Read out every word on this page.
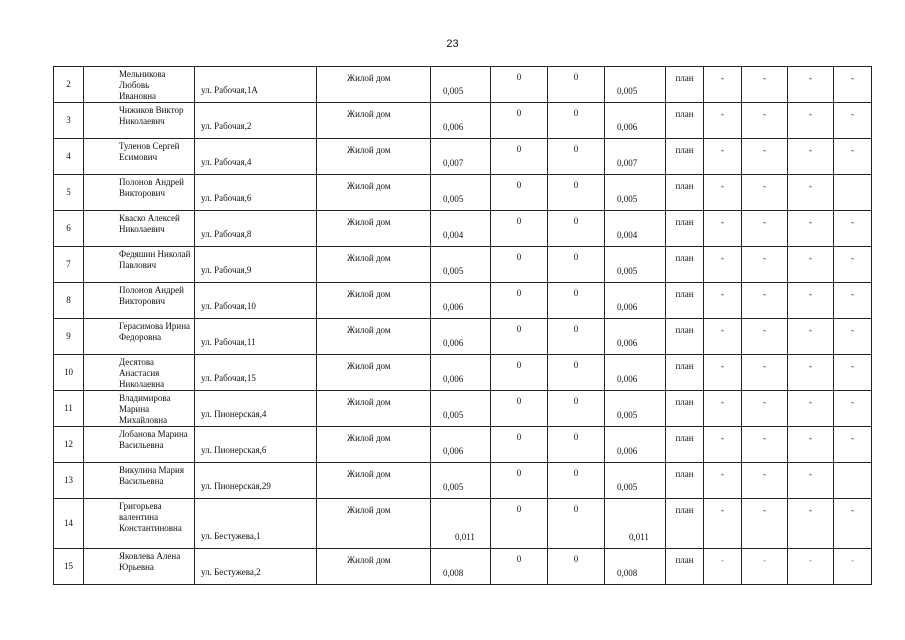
23
2	Мельникова Любовь
Ивановна	ул. Рабочая,1А	Жилой дом	0,005	0	0	0,005	план	-	-	-	-

3	Чижиков Виктор
Николаевич	ул. Рабочая,2	Жилой дом	0,006	0	0	0,006	план	-	-	-	-

4	Туленов Сергей
Есимович	ул. Рабочая,4	Жилой дом	0,007	0	0	0,007	план	-	-	-	-

5	Полонов Андрей
Викторович	ул. Рабочая,6	Жилой дом	0,005	0	0	0,005	план	-	-	-	

6	Кваско Алексей
Николаевич	ул. Рабочая,8	Жилой дом	0,004	0	0	0,004	план	-	-	-	-

7	Федяшин Николай
Павлович	ул. Рабочая,9	Жилой дом	0,005	0	0	0,005	план	-	-	-	-

8	Полонов Андрей
Викторович	ул. Рабочая,10	Жилой дом	0,006	0	0	0,006	план	-	-	-	-

9	Герасимова Ирина
Федоровна	ул. Рабочая,11	Жилой дом	0,006	0	0	0,006	план	-	-	-	-

10	Десятова Анастасия
Николаевна	ул. Рабочая,15	Жилой дом	0,006	0	0	0,006	план	-	-	-	-

11	Владимирова
Марина Михайловна	ул. Пионерская,4	Жилой дом	0,005	0	0	0,005	план	-	-	-	-

12	Лобанова Марина
Васильевна	ул. Пионерская,6	Жилой дом	0,006	0	0	0,006	план	-	-	-	-

13	Викулина Мария
Васильевна	ул. Пионерская,29	Жилой дом	0,005	0	0	0,005	план	-	-	-	

14	Григорьева
валентина
Константиновна	ул. Бестужева,1	Жилой дом	0,011	0	0	0,011	план	-	-	-	-

15	Яковлева Алена
Юрьевна	ул. Бестужева,2	Жилой дом	0,008	0	0	0,008	план	-	-	-	-
